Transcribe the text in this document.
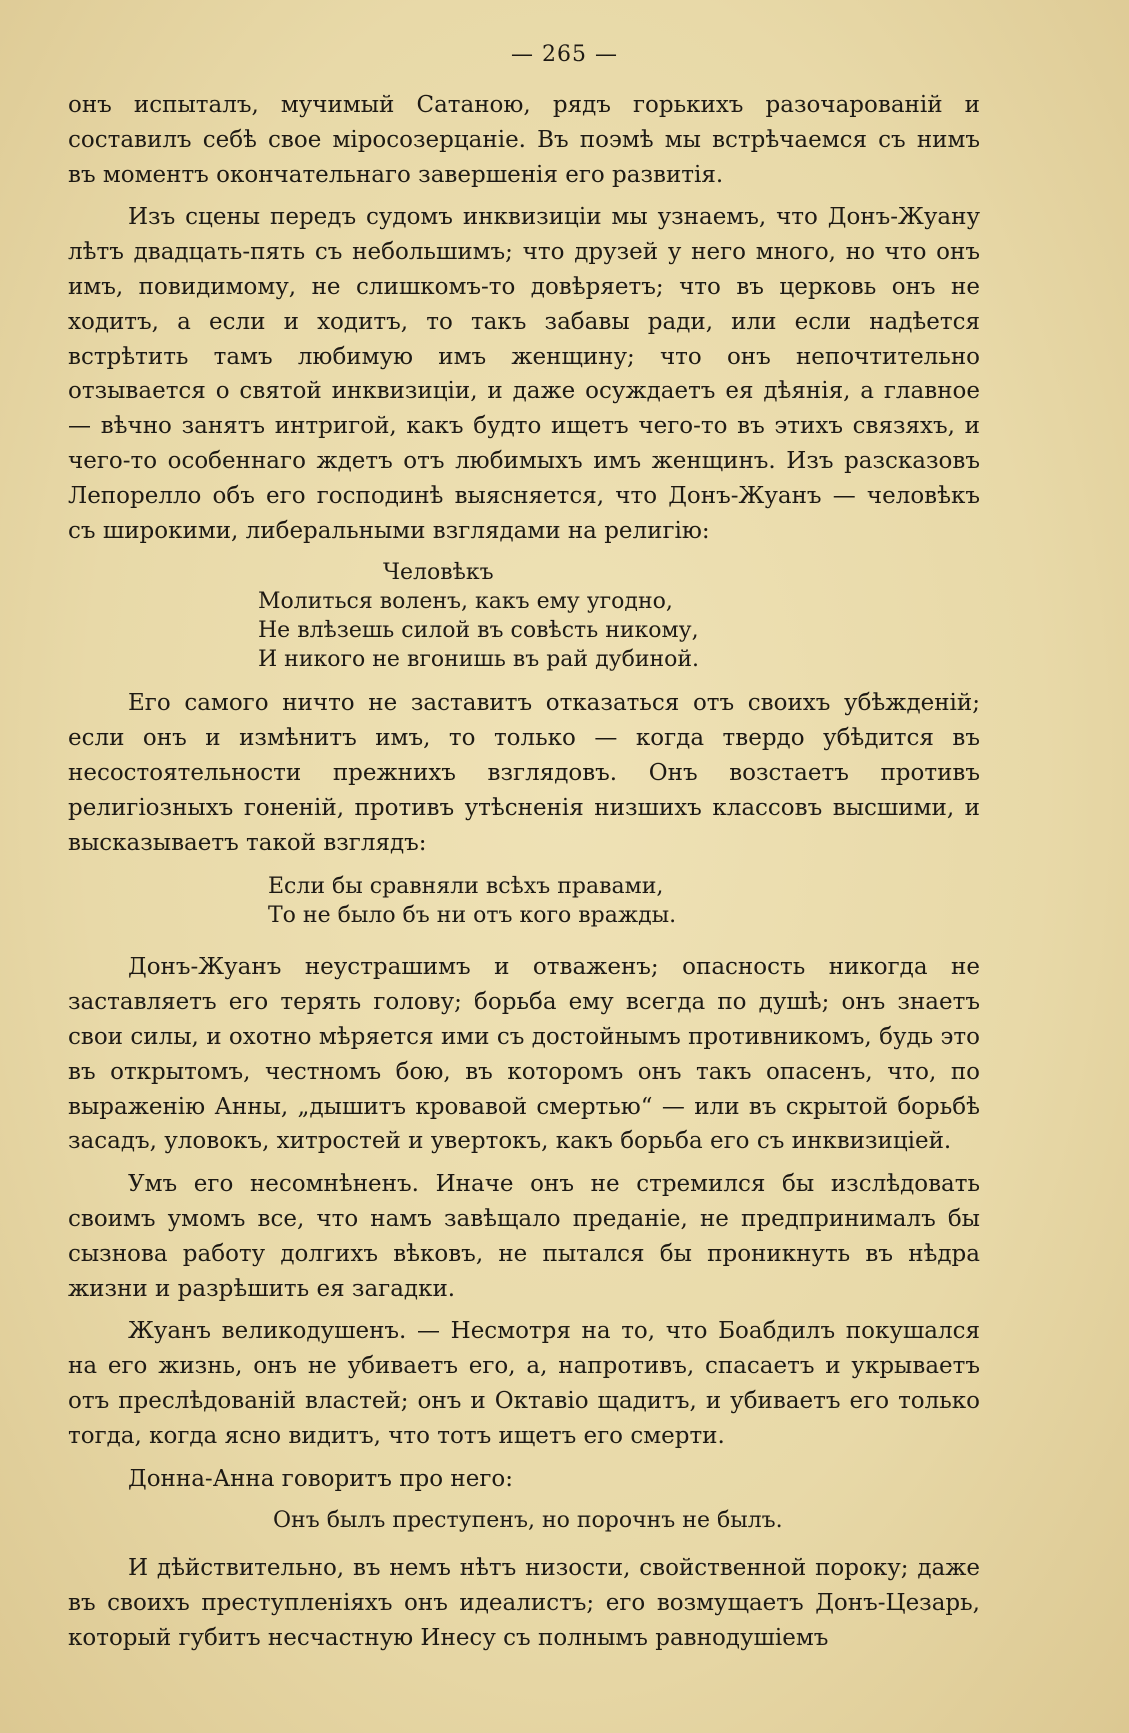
— 265 —

онъ испыталъ, мучимый Сатаною, рядъ горькихъ разочарованій и составилъ себѣ свое міросозерцаніе. Въ поэмѣ мы встрѣчаемся съ нимъ въ моментъ окончательнаго завершенія его развитія.

Изъ сцены передъ судомъ инквизиціи мы узнаемъ, что Донъ-Жуану лѣтъ двадцать-пять съ небольшимъ; что друзей у него много, но что онъ имъ, повидимому, не слишкомъ-то довѣряетъ; что въ церковь онъ не ходитъ, а если и ходитъ, то такъ забавы ради, или если надѣется встрѣтить тамъ любимую имъ женщину; что онъ непочтительно отзывается о святой инквизиціи, и даже осуждаетъ ея дѣянія, а главное — вѣчно занятъ интригой, какъ будто ищетъ чего-то въ этихъ связяхъ, и чего-то особеннаго ждетъ отъ любимыхъ имъ женщинъ. Изъ разсказовъ Лепорелло объ его господинѣ выясняется, что Донъ-Жуанъ — человѣкъ съ широкими, либеральными взглядами на религію:

Человѣкъ
Молиться воленъ, какъ ему угодно,
Не влѣзешь силой въ совѣсть никому,
И никого не вгонишь въ рай дубиной.

Его самого ничто не заставитъ отказаться отъ своихъ убѣжденій; если онъ и измѣнитъ имъ, то только — когда твердо убѣдится въ несостоятельности прежнихъ взглядовъ. Онъ возстаетъ противъ религіозныхъ гоненій, противъ утѣсненія низшихъ классовъ высшими, и высказываетъ такой взглядъ:

Если бы сравняли всѣхъ правами,
То не было бъ ни отъ кого вражды.

Донъ-Жуанъ неустрашимъ и отваженъ; опасность никогда не заставляетъ его терять голову; борьба ему всегда по душѣ; онъ знаетъ свои силы, и охотно мѣряется ими съ достойнымъ противникомъ, будь это въ открытомъ, честномъ бою, въ которомъ онъ такъ опасенъ, что, по выраженію Анны, „дышитъ кровавой смертью“ — или въ скрытой борьбѣ засадъ, уловокъ, хитростей и увертокъ, какъ борьба его съ инквизиціей.

Умъ его несомнѣненъ. Иначе онъ не стремился бы изслѣдовать своимъ умомъ все, что намъ завѣщало преданіе, не предпринималъ бы сызнова работу долгихъ вѣковъ, не пытался бы проникнуть въ нѣдра жизни и разрѣшить ея загадки.

Жуанъ великодушенъ. — Несмотря на то, что Боабдилъ покушался на его жизнь, онъ не убиваетъ его, а, напротивъ, спасаетъ и укрываетъ отъ преслѣдованій властей; онъ и Октавіо щадитъ, и убиваетъ его только тогда, когда ясно видитъ, что тотъ ищетъ его смерти.

Донна-Анна говоритъ про него:

Онъ былъ преступенъ, но порочнъ не былъ.

И дѣйствительно, въ немъ нѣтъ низости, свойственной пороку; даже въ своихъ преступленіяхъ онъ идеалистъ; его возмущаетъ Донъ-Цезарь, который губитъ несчастную Инесу съ полнымъ равнодушіемъ
